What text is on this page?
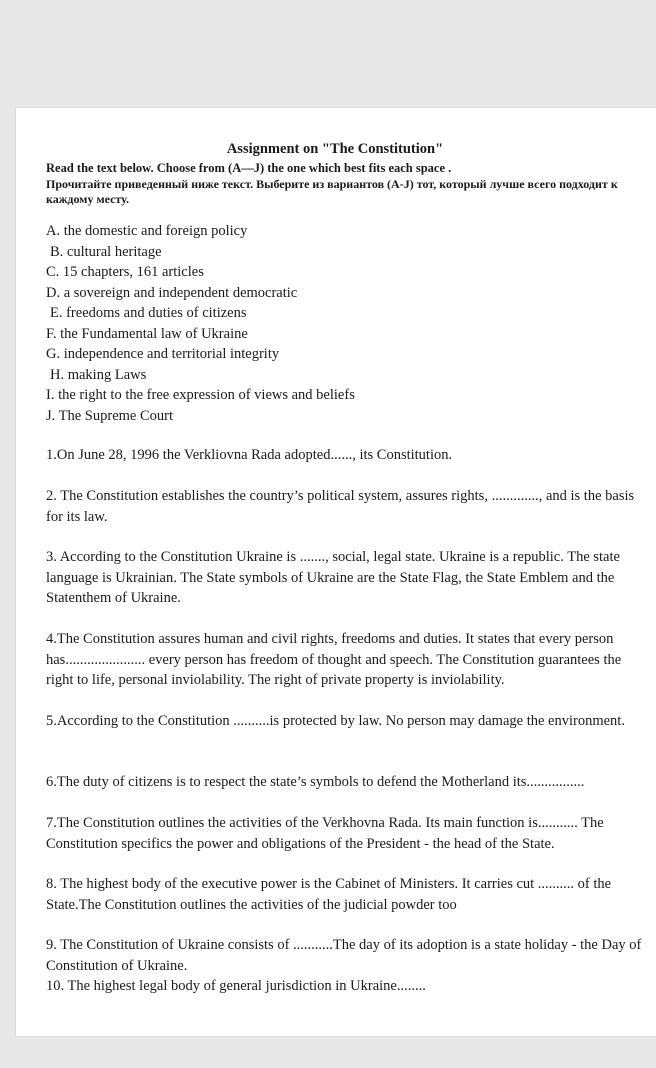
Assignment on "The Constitution"
Read the text below. Choose from (A—J) the one which best fits each space .
Прочитайте приведенный ниже текст. Выберите из вариантов (A-J) тот, который лучше всего подходит к каждому месту.
A. the domestic and foreign policy
B. cultural heritage
C. 15 chapters, 161 articles
D. a sovereign and independent democratic
E. freedoms and duties of citizens
F. the Fundamental law of Ukraine
G. independence and territorial integrity
H. making Laws
I. the right to the free expression of views and beliefs
J. The Supreme Court
1.On June 28, 1996 the Verkliovna Rada adopted......, its Constitution.
2. The Constitution establishes the country’s political system, assures rights, ............., and is the basis for its law.
3. According to the Constitution Ukraine is ......., social, legal state. Ukraine is a republic. The state language is Ukrainian. The State symbols of Ukraine are the State Flag, the State Emblem and the Statenthem of Ukraine.
4.The Constitution assures human and civil rights, freedoms and duties. It states that every person has...................... every person has freedom of thought and speech. The Constitution guarantees the right to life, personal inviolability. The right of private property is inviolability.
5.According to the Constitution ..........is protected by law. No person may damage the environment.
6.The duty of citizens is to respect the state’s symbols to defend the Motherland its................
7.The Constitution outlines the activities of the Verkhovna Rada. Its main function is........... The Constitution specifics the power and obligations of the President - the head of the State.
8. The highest body of the executive power is the Cabinet of Ministers. It carries cut .......... of the State.The Constitution outlines the activities of the judicial powder too
9. The Constitution of Ukraine consists of ...........The day of its adoption is a state holiday - the Day of Constitution of Ukraine.
10. The highest legal body of general jurisdiction in Ukraine........
